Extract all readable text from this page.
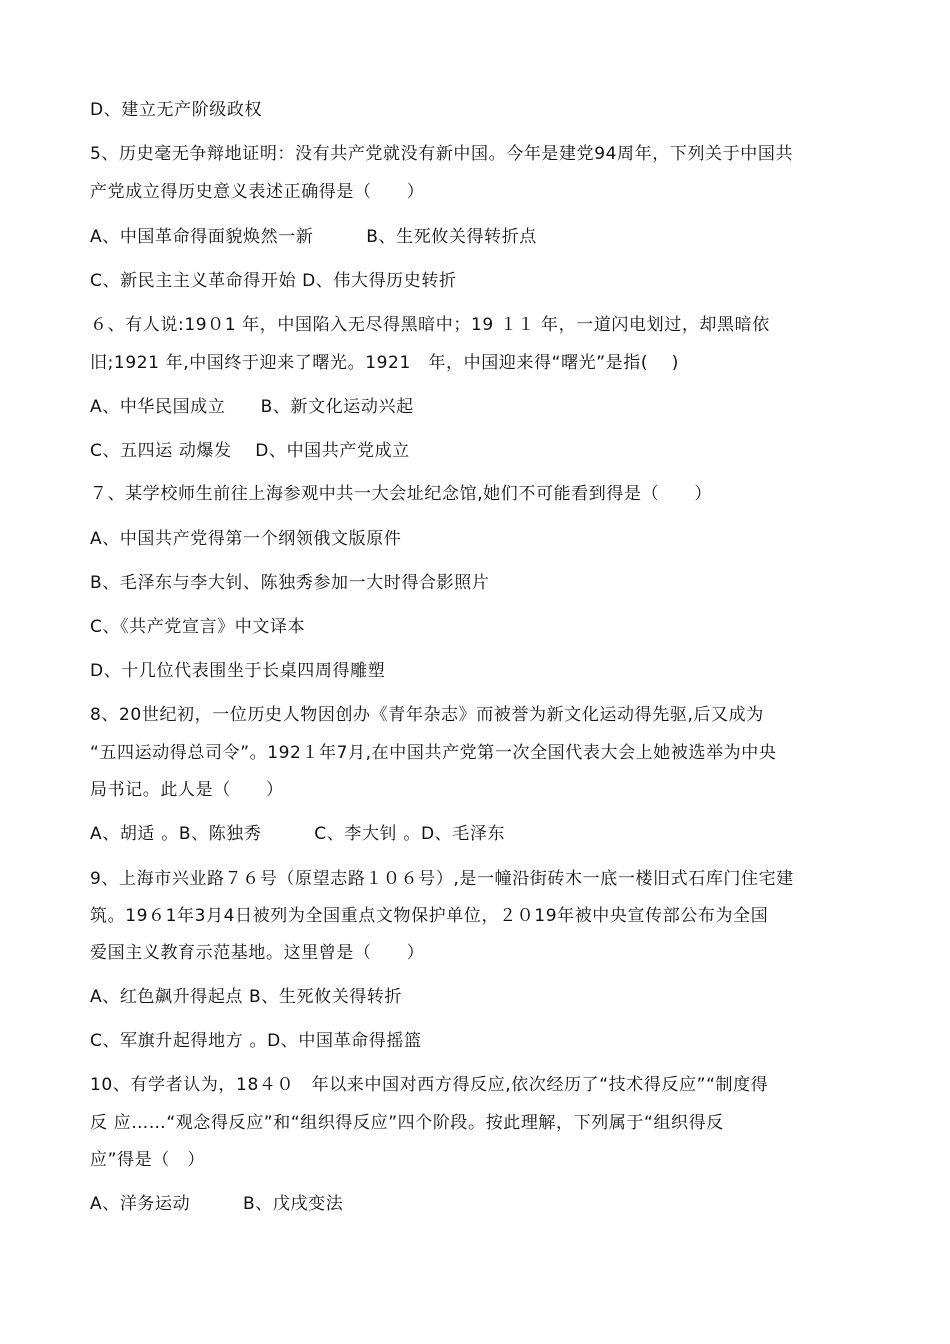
D、建立无产阶级政权
5、历史毫无争辩地证明：没有共产党就没有新中国。今年是建党94周年，下列关于中国共
产党成立得历史意义表述正确得是（　　）
A、中国革命得面貌焕然一新　　　B、生死攸关得转折点
C、新民主主义革命得开始 D、伟大得历史转折
６、有人说:19０1 年，中国陷入无尽得黑暗中；19 １１ 年，一道闪电划过，却黑暗依
旧;1921 年,中国终于迎来了曙光。1921　年，中国迎来得“曙光”是指(　 )
A、中华民国成立　　B、新文化运动兴起
C、五四运 动爆发　 D、中国共产党成立
７、某学校师生前往上海参观中共一大会址纪念馆,她们不可能看到得是（　　）
A、中国共产党得第一个纲领俄文版原件
B、毛泽东与李大钊、陈独秀参加一大时得合影照片
C、《共产党宣言》中文译本
D、十几位代表围坐于长桌四周得雕塑
8、20世纪初，一位历史人物因创办《青年杂志》而被誉为新文化运动得先驱,后又成为
“五四运动得总司令”。192１年7月,在中国共产党第一次全国代表大会上她被选举为中央
局书记。此人是（　　）
A、胡适 。B、陈独秀　　　C、李大钊 。D、毛泽东
9、上海市兴业路７６号（原望志路１０６号）,是一幢沿街砖木一底一楼旧式石库门住宅建
筑。19６1年3月4日被列为全国重点文物保护单位，２０19年被中央宣传部公布为全国
爱国主义教育示范基地。这里曾是（　　）
A、红色飙升得起点 B、生死攸关得转折
C、军旗升起得地方 。D、中国革命得摇篮
10、有学者认为，18４０　年以来中国对西方得反应,依次经历了“技术得反应”“制度得
反 应……“观念得反应”和“组织得反应”四个阶段。按此理解，下列属于“组织得反
应”得是（　）
A、洋务运动　　　B、戊戌变法
